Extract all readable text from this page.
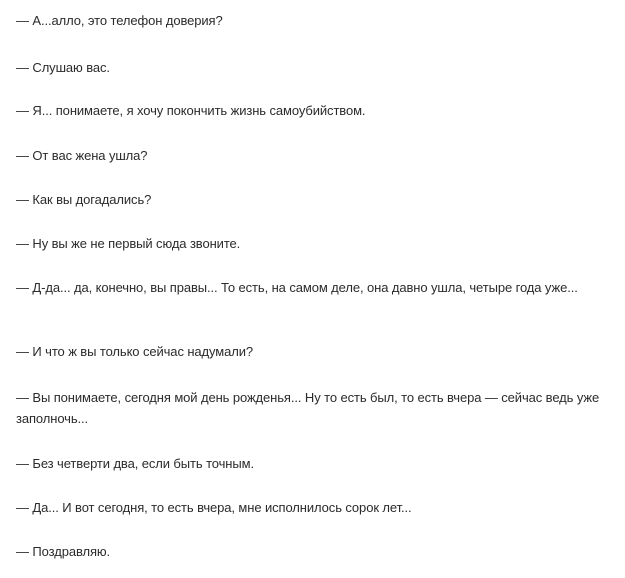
— А...алло, это телефон доверия?

— Слушаю вас.

— Я... понимаете, я хочу покончить жизнь самоубийством.

— От вас жена ушла?

— Как вы догадались?

— Ну вы же не первый сюда звоните.

— Д-да... да, конечно, вы правы... То есть, на самом деле, она давно ушла, четыре года уже...

— И что ж вы только сейчас надумали?

— Вы понимаете, сегодня мой день рожденья... Ну то есть был, то есть вчера — сейчас ведь уже заполночь...

— Без четверти два, если быть точным.

— Да... И вот сегодня, то есть вчера, мне исполнилось сорок лет...

— Поздравляю.
